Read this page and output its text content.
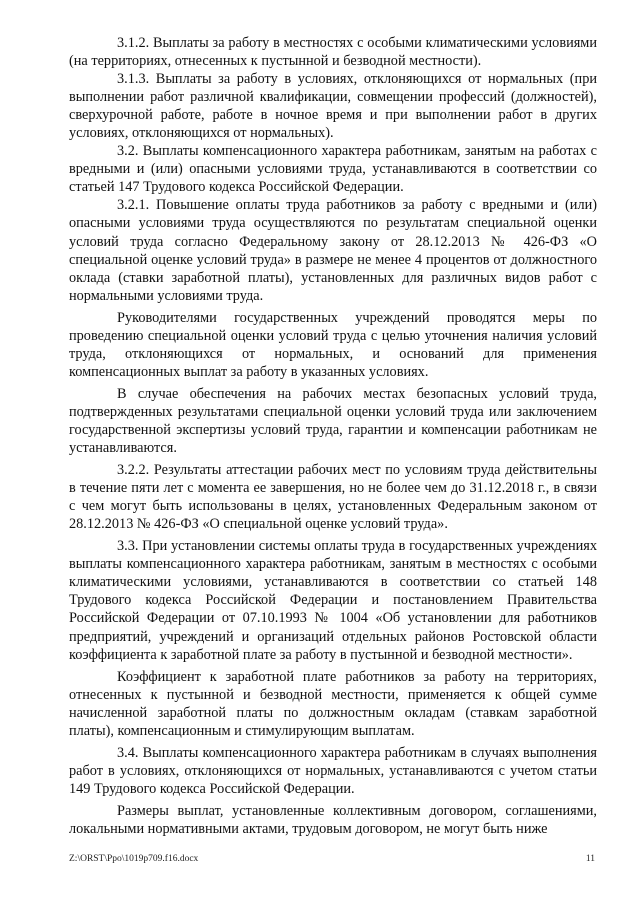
3.1.2. Выплаты за работу в местностях с особыми климатическими условиями (на территориях, отнесенных к пустынной и безводной местности).

3.1.3. Выплаты за работу в условиях, отклоняющихся от нормальных (при выполнении работ различной квалификации, совмещении профессий (должностей), сверхурочной работе, работе в ночное время и при выполнении работ в других условиях, отклоняющихся от нормальных).

3.2. Выплаты компенсационного характера работникам, занятым на работах с вредными и (или) опасными условиями труда, устанавливаются в соответствии со статьей 147 Трудового кодекса Российской Федерации.

3.2.1. Повышение оплаты труда работников за работу с вредными и (или) опасными условиями труда осуществляются по результатам специальной оценки условий труда согласно Федеральному закону от 28.12.2013 № 426-ФЗ «О специальной оценке условий труда» в размере не менее 4 процентов от должностного оклада (ставки заработной платы), установленных для различных видов работ с нормальными условиями труда.

Руководителями государственных учреждений проводятся меры по проведению специальной оценки условий труда с целью уточнения наличия условий труда, отклоняющихся от нормальных, и оснований для применения компенсационных выплат за работу в указанных условиях.

В случае обеспечения на рабочих местах безопасных условий труда, подтвержденных результатами специальной оценки условий труда или заключением государственной экспертизы условий труда, гарантии и компенсации работникам не устанавливаются.

3.2.2. Результаты аттестации рабочих мест по условиям труда действительны в течение пяти лет с момента ее завершения, но не более чем до 31.12.2018 г., в связи с чем могут быть использованы в целях, установленных Федеральным законом от 28.12.2013 № 426-ФЗ «О специальной оценке условий труда».

3.3. При установлении системы оплаты труда в государственных учреждениях выплаты компенсационного характера работникам, занятым в местностях с особыми климатическими условиями, устанавливаются в соответствии со статьей 148 Трудового кодекса Российской Федерации и постановлением Правительства Российской Федерации от 07.10.1993 № 1004 «Об установлении для работников предприятий, учреждений и организаций отдельных районов Ростовской области коэффициента к заработной плате за работу в пустынной и безводной местности».

Коэффициент к заработной плате работников за работу на территориях, отнесенных к пустынной и безводной местности, применяется к общей сумме начисленной заработной платы по должностным окладам (ставкам заработной платы), компенсационным и стимулирующим выплатам.

3.4. Выплаты компенсационного характера работникам в случаях выполнения работ в условиях, отклоняющихся от нормальных, устанавливаются с учетом статьи 149 Трудового кодекса Российской Федерации.

Размеры выплат, установленные коллективным договором, соглашениями, локальными нормативными актами, трудовым договором, не могут быть ниже

Z:\ORST\Ppo\1019p709.f16.docx	11
